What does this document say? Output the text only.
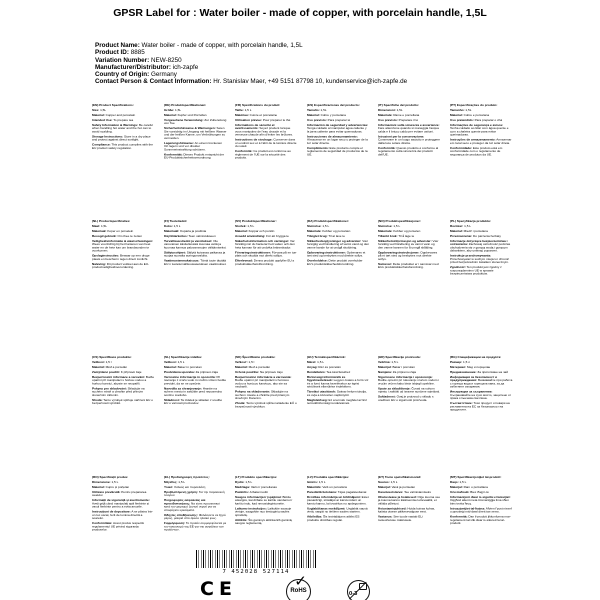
GPSR Label for : Water boiler - made of copper, with porcelain handle, 1,5L
Product Name: Water boiler - made of copper, with porcelain handle, 1,5L
Product ID: 8885
Variation Number: NEW-8250
Manufacturer/Distributor: ich-zapfe
Country of Origin: Germany
Contact Person & Contact Information: Hr. Stanislav Maer, +49 5151 87798 10, kundenservice@ich-zapfe.de
(EN) Product Specifications:
Size: 1,5L
Material: Copper and porcelain
Intended Use: To prepare tea
Safety Information & Warnings: Be careful when handling hot water and the hot can to avoid scalding.
Storage Instructions: Store in a dry place and protect against direct sunlight.
Compliance: This product complies with the EU product safety regulation.
(DE) Produktspezifikationen:
Größe: 1,5L
Material: Kupfer und Porzellan
Vorgesehene Verwendung: Zur Zubereitung von Tee
Sicherheitshinweise & Warnungen: Seien Sie vorsichtig im Umgang mit heißem Wasser und der heißen Kanne, um Verbrühungen zu vermeiden.
Lagerungshinweise: An einem trockenen Ort lagern und vor direkter Sonneneinstrahlung schützen.
Konformität: Dieses Produkt entspricht der EU-Produktsicherheitsverordnung.
(FR) Spécifications du produit:
Taille: 1,5 L
Matériau: Cuivre et porcelaine
Utilisation prévue: Pour préparer le thé
Informations de sécurité et avertissements: Soyez prudent lorsque vous manipulez de l'eau chaude et la verseuse chaude afin d'éviter les brûlures.
Instructions de stockage: Conserver dans un endroit sec et à l'abri de la lumière directe du soleil.
Conformité: Ce produit est conforme au règlement de l'UE sur la sécurité des produits.
(ES) Especificaciones del producto:
Tamaño: 1,5L
Material: Cobre y porcelana
Uso previsto: Para preparar té
Información de seguridad y advertencias: Tenga cuidado al manipular agua caliente y la jarra caliente para evitar quemaduras.
Instrucciones de almacenamiento: Almacenar en un lugar seco y proteger de la luz solar directa.
Cumplimiento: Este producto cumple el reglamento de seguridad de productos de la UE.
(IT) Specifiche del prodotto:
Dimensioni: 1,5L
Materiale: Rame e porcellana
Uso previsto: Preparare il tè
Informazioni sulla sicurezza e avvertenze: Fare attenzione quando si maneggia l'acqua calda e il bricco caldo per evitare ustioni.
Istruzioni per la conservazione: Conservare in un luogo asciutto e proteggere dalla luce solare diretta.
Conformità: Questo prodotto è conforme al regolamento sulla sicurezza dei prodotti dell'UE.
(PT) Especificações do produto:
Tamanho: 1,5L
Material: Cobre e porcelana
Uso pretendido: Para preparar o chá
Informações de segurança e avisos: Tenha cuidado ao lidar com água quente e com a chaleira quente para evitar queimaduras.
Instruções de armazenamento: Armazenar em local seco e proteger da luz solar direta.
Conformidade: Este produto está em conformidade com o regulamento de segurança de produtos da UE.
(NL) Productspecificaties:
Maat: 1,5L
Materiaal: Koper en porselein
Beoogd gebruik: Om thee te zetten
Veiligheidsinformatie & waarschuwingen: Wees voorzichtig bij het hanteren van heet water en de hete kan om brandwonden te voorkomen.
Opslaginstructies: Bewaar op een droge plaats en bescherm tegen direct zonlicht.
Naleving: Dit product voldoet aan de EU-productveiligheidsverordening.
(FI) Tuotetiedot:
Koko: 1,5 L
Materiaali: Kuparia ja posliinia
Käyttötarkoitus: Teen valmistukseen
Turvallisuustiedot ja varoitukset: Ole varovainen käsitellessäsi kuumaa vettä ja kuumaa kannua palovammojen välttämiseksi.
Säilytysohjeet: Säilytä kuivassa paikassa ja suojaa suoralta auringonvalolta.
Vaatimustenmukaisuus: Tämä tuote täyttää EU:n tuoteturvallisuusasetuksen vaatimukset.
(SV) Produktspecifikationer:
Storlek: 1,5 L
Material: Koppar och porslin
Avsedd användning: För att brygga te
Säkerhetsinformation och varningar: Var försiktig när du hanterar hett vatten och den heta kannan för att undvika brännskador.
Förvaringsinstruktioner: Förvara på en torr plats och skydda mot direkt solljus.
Efterlevnad: Denna produkt uppfyller EU:s produktsäkerhetsförordning.
(DA) Produktspecifikationer:
Størrelse: 1,5 L
Materiale: Kobber og porcelæn
Tilsigtet brug: Til at lave te
Sikkerhedsoplysninger og advarsler: Vær forsigtig ved håndtering af varmt vand og den varme kande for at undgå skoldning.
Opbevaringsinstruktioner: Opbevares et tørt sted og beskyttes mod direkte sollys.
Overholdelse: Dette produkt overholder EU's produktsikkerhedsforordning.
(NO) Produktspesifikasjoner:
Størrelse: 1,5 L
Materiale: Kobber og porselen
Tiltenkt bruk: Til å lage te
Sikkerhetsinformasjon og advarsler: Vær forsiktig ved håndtering av varmt vann og den varme kannen for å unngå skålding.
Oppbevaringsinstruksjoner: Oppbevares på et tørt sted og beskyttes mot direkte sollys.
Samsvar: Dette produktet er i samsvar med EUs produktsikkerhetsforordning.
(PL) Specyfikacja produktu:
Rozmiar: 1,5 L
Materiał: Miedź i porcelana
Przeznaczenie: Do parzenia herbaty
Informacje dotyczące bezpieczeństwa i ostrzeżenia: Zachowaj ostrożność podczas obchodzenia się z gorącą wodą i gorącym dzbankiem, aby uniknąć poparzeń.
Instrukcje przechowywania: Przechowywać w suchym miejscu i chronić przed bezpośrednim światłem słonecznym.
Zgodność: Ten produkt jest zgodny z rozporządzeniem UE w sprawie bezpieczeństwa produktów.
(CS) Specifikace produktu:
Velikost: 1,5 l
Materiál: Měď a porcelán
Zamýšlené použití: K přípravě čaje
Bezpečnostní informace a varování: Buďte opatrní při manipulaci s horkou vodou a horkou konvicí, abyste se neopařili.
Pokyny pro skladování: Skladujte na suchém místě a chraňte před přímým slunečním zářením.
Shoda: Tento výrobek splňuje nařízení EU o bezpečnosti výrobků.
(SL) Specifikacije izdelka:
Velikost: 1,5 L
Material: Baker in porcelan
Predvidena uporaba: Za pripravo čaja
Varnostne informacije in opozorila: Pri ravnanju z vročo vodo in vročim vrčem bodite previdni, da se ne opečete.
Navodila za shranjevanje: Hranite na suhem mestu in zaščitite pred neposredno sončno svetlobo.
Skladnost: Ta izdelek je skladen z uredbo EU o varnosti proizvodov.
(SK) Špecifikácie produktu:
Veľkosť: 1,5 l
Materiál: Meď a porcelán
Určené použitie: Na prípravu čaju
Bezpečnostné informácie a varovania: Buďte opatrní pri manipulácii s horúcou vodou a horúcou kanvicou, aby ste sa neobarili.
Pokyny na skladovanie: Skladujte na suchom mieste a chráňte pred priamym slnečným žiarením.
Zhoda: Tento výrobok spĺňa nariadenie EÚ o bezpečnosti výrobkov.
(HU) Termékspecifikációk:
Méret: 1,5 L
Anyag: Réz és porcelán
Rendeltetés: Tea készítéséhez
Biztonsági információk és figyelmeztetések: Legyen óvatos a forró víz és a forró kanna kezelésekor az égési sérülések elkerülése érdekében.
Tárolási utasítások: Száraz helyen tárolja, és óvja a közvetlen napfénytől.
Megfelelőség: Ez a termék megfelel az EU termékbiztonsági rendeletének.
(HR) Specifikacije proizvoda:
Veličina: 1,5 L
Materijal: Bakar i porculan
Namjena: Za pripremu čaja
Sigurnosne informacije i upozorenja: Budite oprezni pri rukovanju vrućom vodom i vrućim vrčem kako biste izbjegli opekline.
Upute za skladištenje: Čuvati na suhom mjestu i zaštititi od izravne sunčeve svjetlosti.
Sukladnost: Ovaj je proizvod u skladu s uredbom EU o sigurnosti proizvoda.
(BG) Спецификации на продукта:
Размер: 1,5 л
Материал: Мед и порцелан
Предназначение: За приготвяне на чай
Информация за безопасност и предупреждения: Внимавайте при работа с гореща вода и горещата кана, за да избегнете изгаряния.
Инструкции за съхранение: Съхранявайте на сухо място, защитено от пряка слънчева светлина.
Съответствие: Този продукт отговаря на регламента на ЕС за безопасност на продуктите.
(RO) Specificații produs:
Dimensiune: 1,5 L
Material: Cupru și porțelan
Utilizare prevăzută: Pentru prepararea ceaiului
Informații de siguranță și avertismente: Aveți grijă când manipulați apă fierbinte și vasul fierbinte pentru a evita arsurile.
Instrucțiuni de depozitare: A se păstra într-un loc uscat, ferit de lumina directă a soarelui.
Conformitate: Acest produs respectă regulamentul UE privind siguranța produselor.
(EL) Προδιαγραφές προϊόντος:
Μέγεθος: 1,5 L
Υλικό: Χαλκός και πορσελάνη
Προβλεπόμενη χρήση: Για την παρασκευή τσαγιού
Πληροφορίες ασφαλείας και προειδοποιήσεις: Να είστε προσεκτικοί κατά τον χειρισμό ζεστού νερού για να αποφύγετε εγκαύματα.
Οδηγίες αποθήκευσης: Φυλάσσετε σε ξηρό μέρος, μακριά από άμεσο ηλιακό φως.
Συμμόρφωση: Το προϊόν συμμορφώνεται με τον κανονισμό της ΕΕ για την ασφάλεια των προϊόντων.
(LT) Produkto specifikacijos:
Dydis: 1,5 L
Medžiaga: Varis ir porcelianas
Paskirtis: Arbatai ruošti
Saugos informacija ir įspėjimai: Būkite atsargūs, kai dirbate su karštu vandeniu ir karštu indu, kad nenusidegintumėte.
Laikymo instrukcijos: Laikykite sausoje vietoje, saugokite nuo tiesioginių saulės spindulių.
Atitiktis: Šis gaminys atitinka ES gaminių saugos reglamentą.
(LV) Produkta specifikācijas:
Izmērs: 1,5 L
Materiāls: Varš un porcelāns
Paredzētā lietošana: Tējas pagatavošanai
Drošības informācija un brīdinājumi: Esiet piesardzīgi, strādājot ar karstu ūdeni un karstu kannu, lai izvairītos no apdegumiem.
Uzglabāšanas norādījumi: Uzglabāt sausā vietā, sargāt no tiešiem saules stariem.
Atbilstība: Šis izstrādājums atbilst ES produktu drošības regulai.
(ET) Toote spetsifikatsioonid:
Suurus: 1,5 L
Materjal: Vask ja portselan
Kasutusotstarve: Tee valmistamiseks
Ohutusteave ja hoiatused: Olge kuuma vee ja kuuma kannu käsitsemisel ettevaatlik, et vältida põletusi.
Hoiustamisjuhised: Hoida kuivas kohas, kaitsta otsese päikesevalguse eest.
Vastavus: See toode vastab ELi tooteohutuse määrusele.
(MT) Speċifikazzjonijiet tal-prodott:
Daqs: 1,5 L
Materjal: Ram u porċellana
Użu maħsub: Biex tħejji t-tè
Informazzjoni dwar is-sigurtà u twissijiet: Oqgħod attent meta timmaniġġja ilma sħun biex tevita ħruq.
Istruzzjonijiet tal-ħażna: Aħżen f'post niexef u pprotieġi mid-dawl dirett tax-xemx.
Konformità: Dan il-prodott jikkonforma mar-regolament tal-UE dwar is-sikurezza tal-prodotti.
7 452028 527114
CE	✓
RoHS	0-3
